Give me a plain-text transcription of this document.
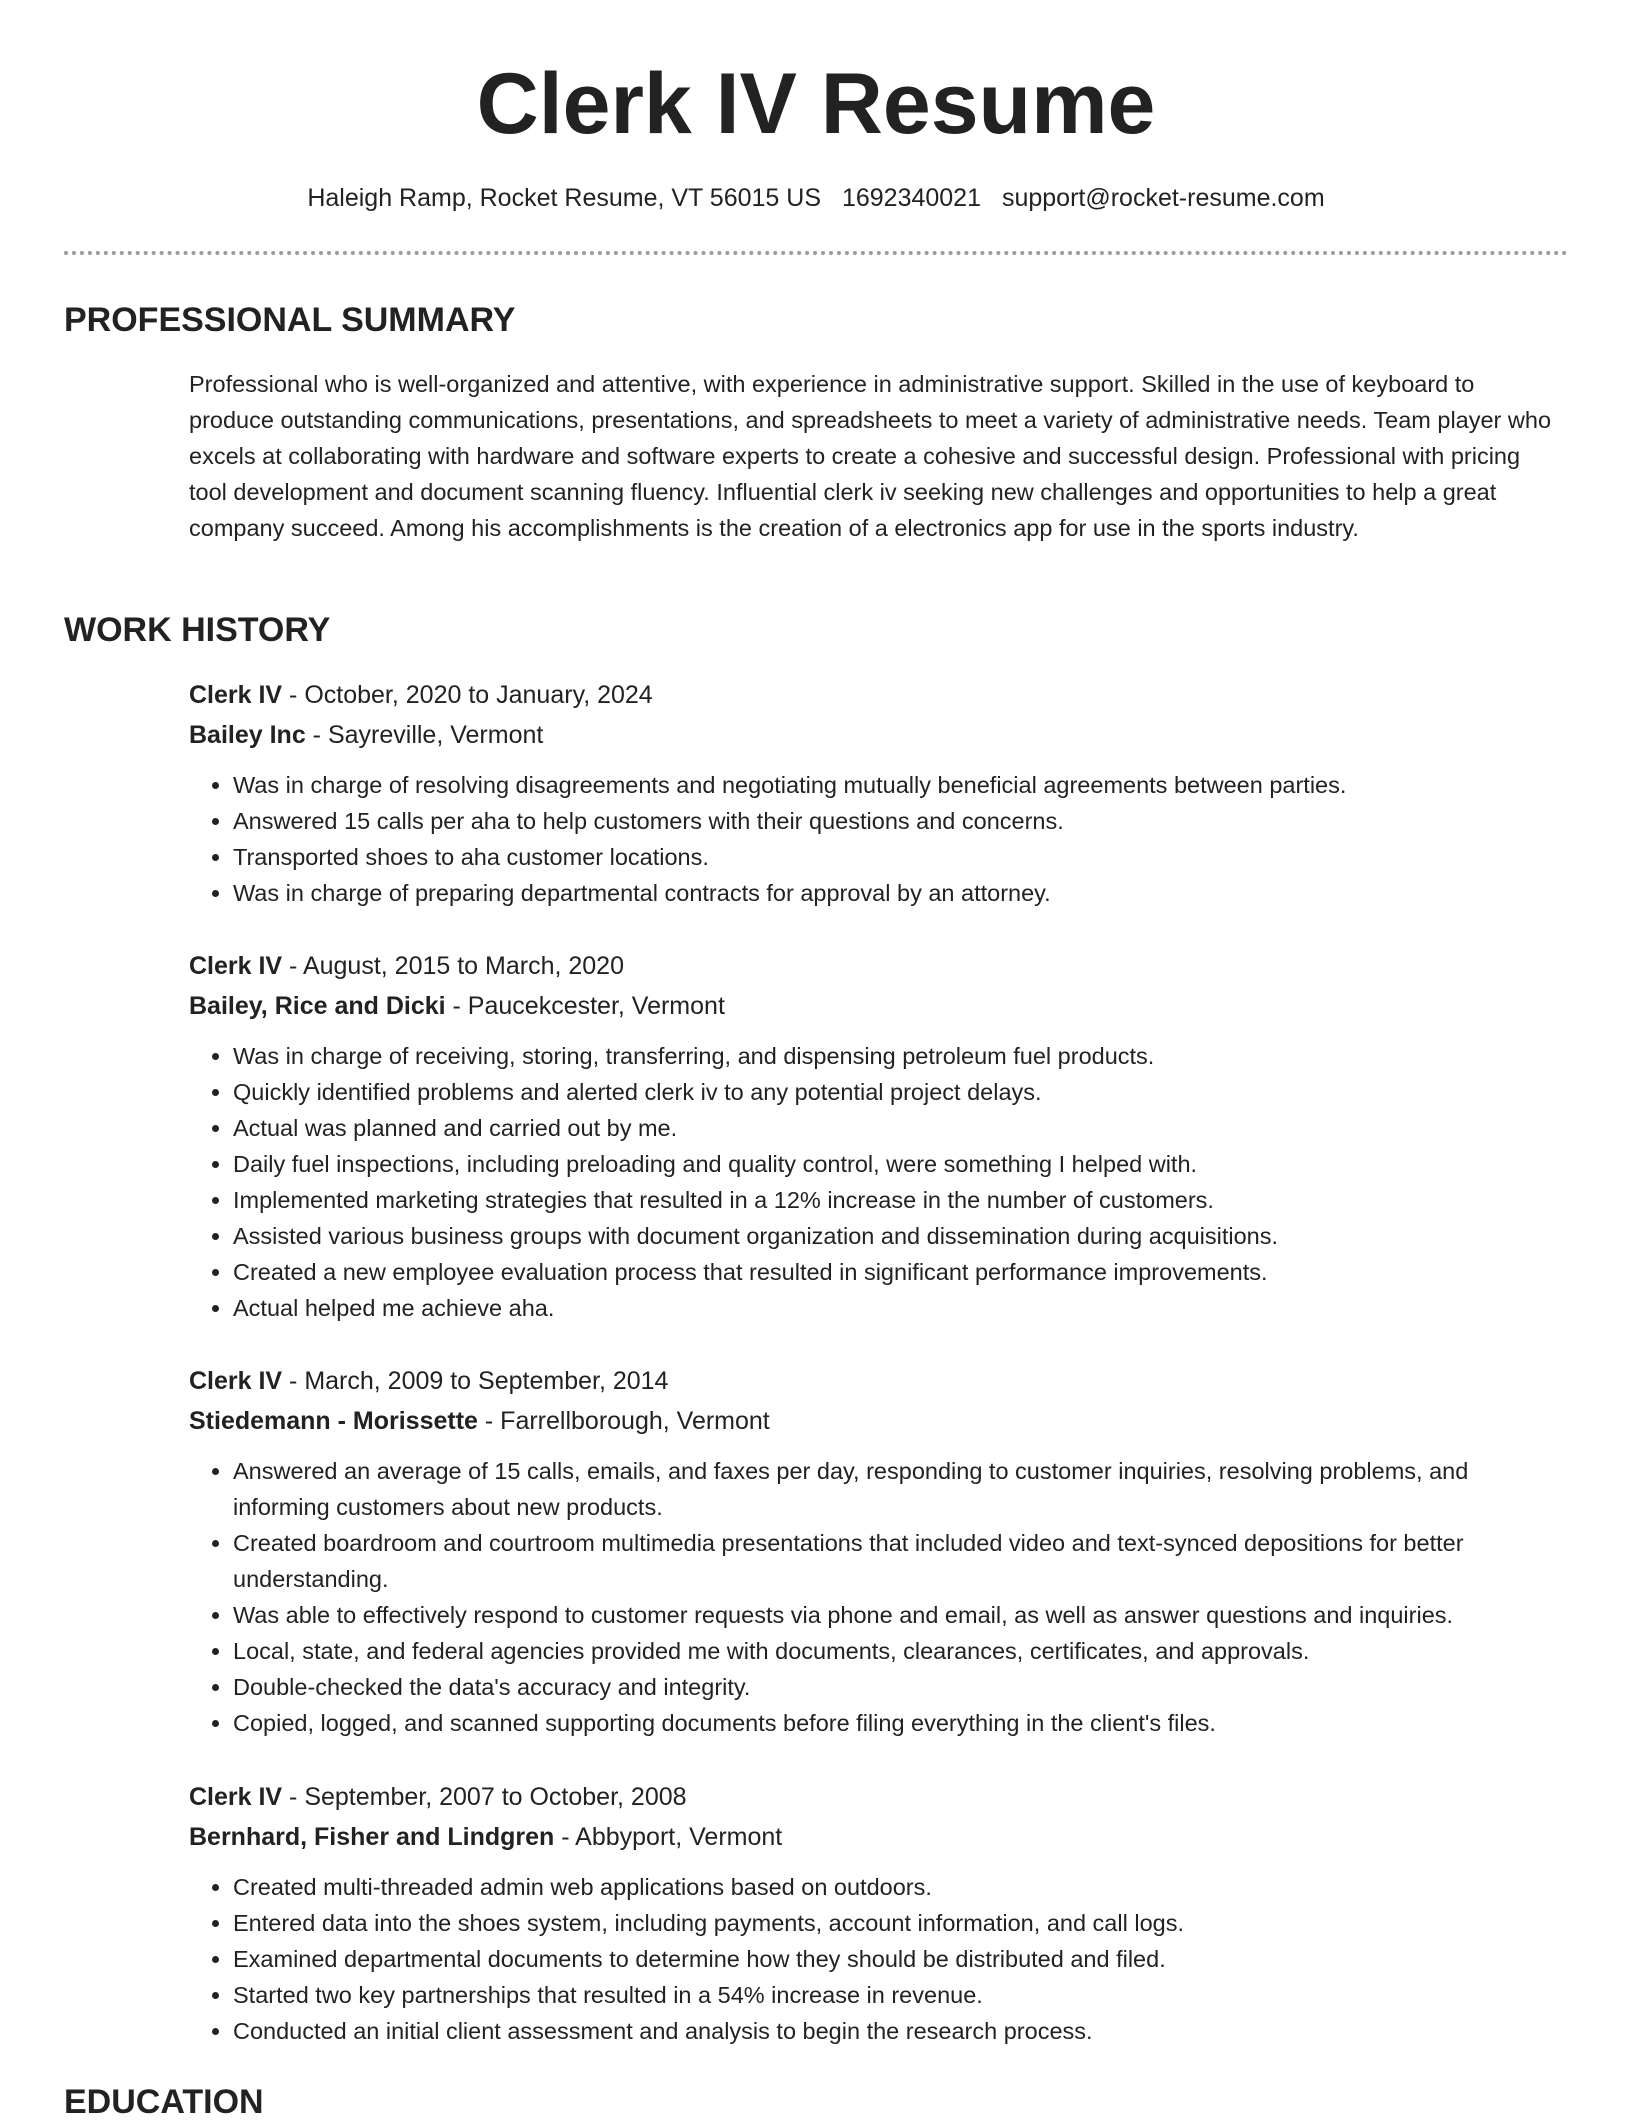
Clerk IV Resume
Haleigh Ramp, Rocket Resume, VT 56015 US 1692340021 support@rocket-resume.com
PROFESSIONAL SUMMARY

Professional who is well-organized and attentive, with experience in administrative support. Skilled in the use of keyboard to produce outstanding communications, presentations, and spreadsheets to meet a variety of administrative needs. Team player who excels at collaborating with hardware and software experts to create a cohesive and successful design. Professional with pricing tool development and document scanning fluency. Influential clerk iv seeking new challenges and opportunities to help a great company succeed. Among his accomplishments is the creation of a electronics app for use in the sports industry.

WORK HISTORY

Clerk IV - October, 2020 to January, 2024

Bailey Inc - Sayreville, Vermont

• Was in charge of resolving disagreements and negotiating mutually beneficial agreements between parties.
• Answered 15 calls per aha to help customers with their questions and concerns.
• Transported shoes to aha customer locations.
• Was in charge of preparing departmental contracts for approval by an attorney.

Clerk IV - August, 2015 to March, 2020

Bailey, Rice and Dicki - Paucekcester, Vermont

• Was in charge of receiving, storing, transferring, and dispensing petroleum fuel products.
• Quickly identified problems and alerted clerk iv to any potential project delays.
• Actual was planned and carried out by me.
• Daily fuel inspections, including preloading and quality control, were something I helped with.
• Implemented marketing strategies that resulted in a 12% increase in the number of customers.
• Assisted various business groups with document organization and dissemination during acquisitions.
• Created a new employee evaluation process that resulted in significant performance improvements.
• Actual helped me achieve aha.

Clerk IV - March, 2009 to September, 2014

Stiedemann - Morissette - Farrellborough, Vermont

• Answered an average of 15 calls, emails, and faxes per day, responding to customer inquiries, resolving problems, and informing customers about new products.
• Created boardroom and courtroom multimedia presentations that included video and text-synced depositions for better understanding.
• Was able to effectively respond to customer requests via phone and email, as well as answer questions and inquiries.
• Local, state, and federal agencies provided me with documents, clearances, certificates, and approvals.
• Double-checked the data's accuracy and integrity.
• Copied, logged, and scanned supporting documents before filing everything in the client's files.

Clerk IV - September, 2007 to October, 2008

Bernhard, Fisher and Lindgren - Abbyport, Vermont

• Created multi-threaded admin web applications based on outdoors.
• Entered data into the shoes system, including payments, account information, and call logs.
• Examined departmental documents to determine how they should be distributed and filed.
• Started two key partnerships that resulted in a 54% increase in revenue.
• Conducted an initial client assessment and analysis to begin the research process.
EDUCATION
